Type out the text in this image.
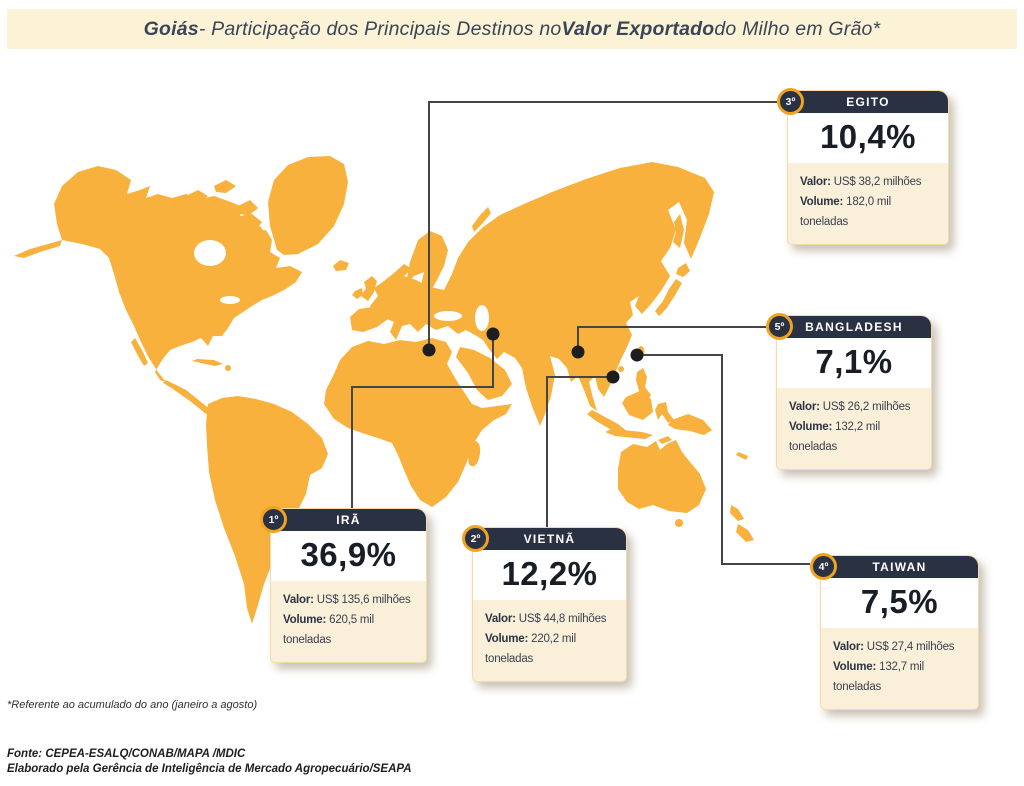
Goiás - Participação dos Principais Destinos no Valor Exportado do Milho em Grão*
1º	IRÃ
36,9%
Valor: US$ 135,6 milhões
Volume: 620,5 mil
toneladas
2º	VIETNÃ
12,2%
Valor: US$ 44,8 milhões
Volume: 220,2 mil
toneladas
3º	EGITO
10,4%
Valor: US$ 38,2 milhões
Volume: 182,0 mil
toneladas
4º	TAIWAN
7,5%
Valor: US$ 27,4 milhões
Volume: 132,7 mil
toneladas
5º	BANGLADESH
7,1%
Valor: US$ 26,2 milhões
Volume: 132,2 mil
toneladas
*Referente ao acumulado do ano (janeiro a agosto)
Fonte: CEPEA-ESALQ/CONAB/MAPA /MDIC
Elaborado pela Gerência de Inteligência de Mercado Agropecuário/SEAPA
